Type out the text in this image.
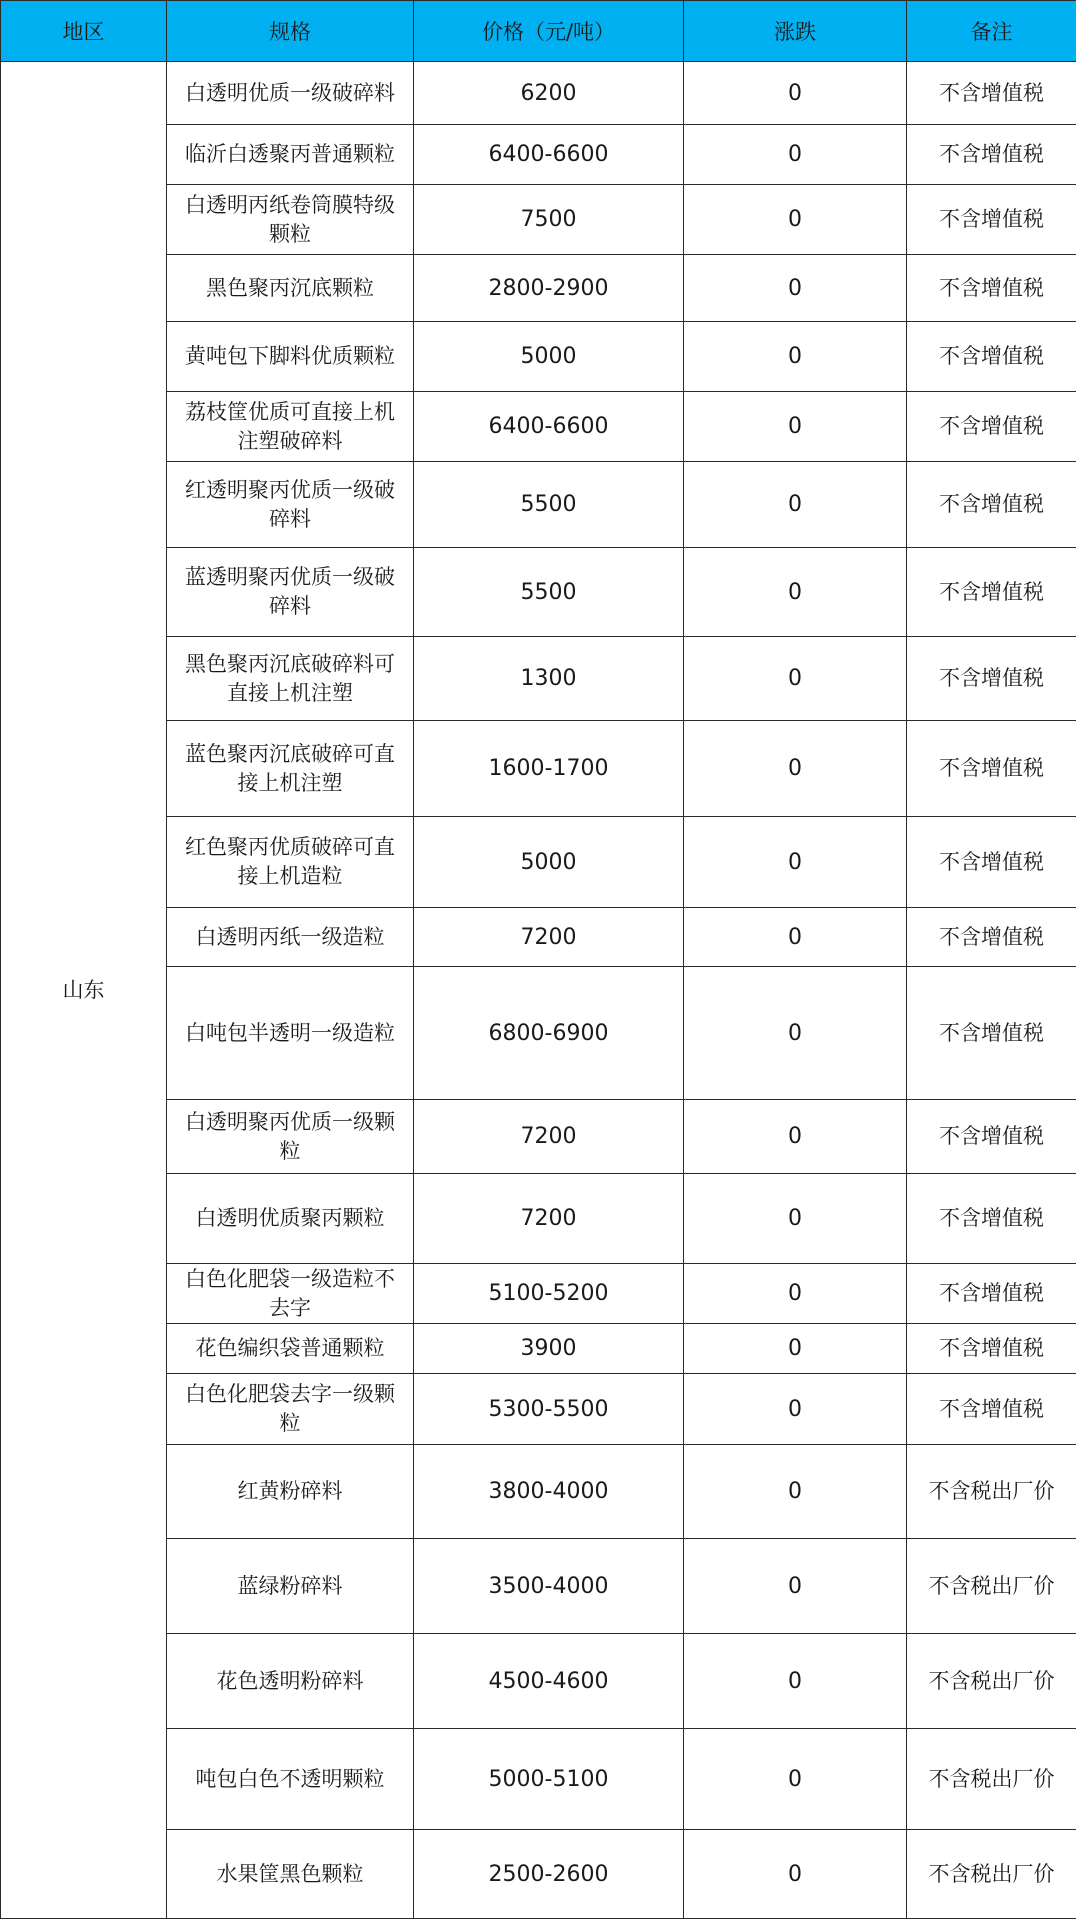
地区	规格	价格（元/吨）	涨跌	备注
山东	白透明优质一级破碎料	6200	0	不含增值税
	临沂白透聚丙普通颗粒	6400-6600	0	不含增值税
	白透明丙纸卷筒膜特级颗粒	7500	0	不含增值税
	黑色聚丙沉底颗粒	2800-2900	0	不含增值税
	黄吨包下脚料优质颗粒	5000	0	不含增值税
	荔枝筐优质可直接上机注塑破碎料	6400-6600	0	不含增值税
	红透明聚丙优质一级破碎料	5500	0	不含增值税
	蓝透明聚丙优质一级破碎料	5500	0	不含增值税
	黑色聚丙沉底破碎料可直接上机注塑	1300	0	不含增值税
	蓝色聚丙沉底破碎可直接上机注塑	1600-1700	0	不含增值税
	红色聚丙优质破碎可直接上机造粒	5000	0	不含增值税
	白透明丙纸一级造粒	7200	0	不含增值税
	白吨包半透明一级造粒	6800-6900	0	不含增值税
	白透明聚丙优质一级颗粒	7200	0	不含增值税
	白透明优质聚丙颗粒	7200	0	不含增值税
	白色化肥袋一级造粒不去字	5100-5200	0	不含增值税
	花色编织袋普通颗粒	3900	0	不含增值税
	白色化肥袋去字一级颗粒	5300-5500	0	不含增值税
	红黄粉碎料	3800-4000	0	不含税出厂价
	蓝绿粉碎料	3500-4000	0	不含税出厂价
	花色透明粉碎料	4500-4600	0	不含税出厂价
	吨包白色不透明颗粒	5000-5100	0	不含税出厂价
	水果筐黑色颗粒	2500-2600	0	不含税出厂价
